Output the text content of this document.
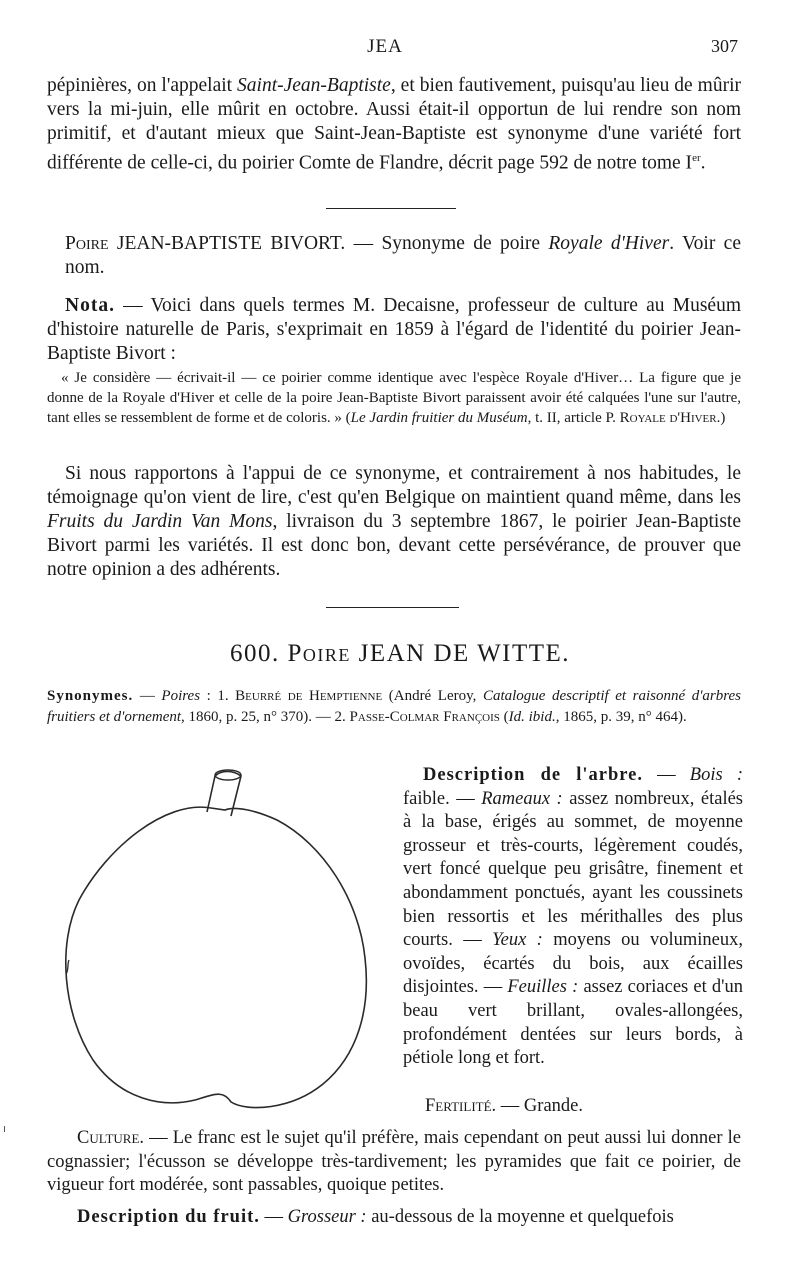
JEA	307

pépinières, on l'appelait Saint-Jean-Baptiste, et bien fautivement, puisqu'au lieu de mûrir vers la mi-juin, elle mûrit en octobre. Aussi était-il opportun de lui rendre son nom primitif, et d'autant mieux que Saint-Jean-Baptiste est synonyme d'une variété fort différente de celle-ci, du poirier Comte de Flandre, décrit page 592 de notre tome Ier.

Poire JEAN-BAPTISTE BIVORT. — Synonyme de poire Royale d'Hiver. Voir ce nom.

Nota. — Voici dans quels termes M. Decaisne, professeur de culture au Muséum d'histoire naturelle de Paris, s'exprimait en 1859 à l'égard de l'identité du poirier Jean-Baptiste Bivort :

« Je considère — écrivait-il — ce poirier comme identique avec l'espèce Royale d'Hiver… La figure que je donne de la Royale d'Hiver et celle de la poire Jean-Baptiste Bivort paraissent avoir été calquées l'une sur l'autre, tant elles se ressemblent de forme et de coloris. » (Le Jardin fruitier du Muséum, t. II, article P. Royale d'Hiver.)

Si nous rapportons à l'appui de ce synonyme, et contrairement à nos habitudes, le témoignage qu'on vient de lire, c'est qu'en Belgique on maintient quand même, dans les Fruits du Jardin Van Mons, livraison du 3 septembre 1867, le poirier Jean-Baptiste Bivort parmi les variétés. Il est donc bon, devant cette persévérance, de prouver que notre opinion a des adhérents.

600. Poire JEAN DE WITTE.

Synonymes. — Poires : 1. Beurré de Hemptienne (André Leroy, Catalogue descriptif et raisonné d'arbres fruitiers et d'ornement, 1860, p. 25, n° 370). — 2. Passe-Colmar François (Id. ibid., 1865, p. 39, n° 464).

Description de l'arbre. — Bois : faible. — Rameaux : assez nombreux, étalés à la base, érigés au sommet, de moyenne grosseur et très-courts, légèrement coudés, vert foncé quelque peu grisâtre, finement et abondamment ponctués, ayant les coussinets bien ressortis et les mérithalles des plus courts. — Yeux : moyens ou volumineux, ovoïdes, écartés du bois, aux écailles disjointes. — Feuilles : assez coriaces et d'un beau vert brillant, ovales-allongées, profondément dentées sur leurs bords, à pétiole long et fort.

Fertilité. — Grande.

Culture. — Le franc est le sujet qu'il préfère, mais cependant on peut aussi lui donner le cognassier; l'écusson se développe très-tardivement; les pyramides que fait ce poirier, de vigueur fort modérée, sont passables, quoique petites.

Description du fruit. — Grosseur : au-dessous de la moyenne et quelquefois
